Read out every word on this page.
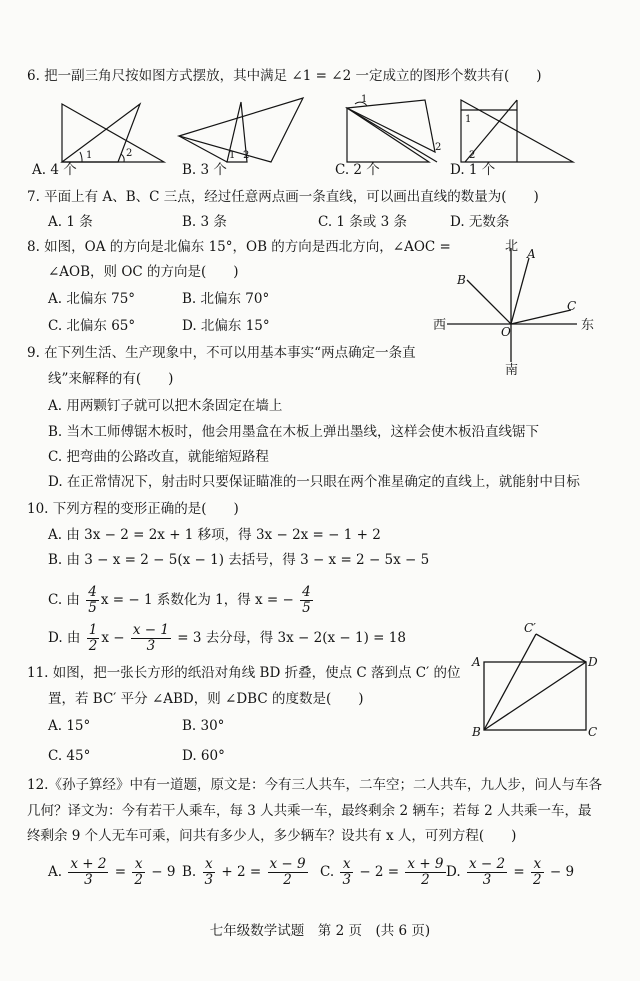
6. 把一副三角尺按如图方式摆放，其中满足 ∠1 = ∠2 一定成立的图形个数共有(　　)
1	2	1 2
1
2
1
2
A. 4 个	B. 3 个	C. 2 个	D. 1 个
7. 平面上有 A、B、C 三点，经过任意两点画一条直线，可以画出直线的数量为(　　)
A. 1 条	B. 3 条	C. 1 条或 3 条	D. 无数条
8. 如图，OA 的方向是北偏东 15°，OB 的方向是西北方向，∠AOC =
∠AOB，则 OC 的方向是(　　)
A. 北偏东 75°	B. 北偏东 70°
C. 北偏东 65°	D. 北偏东 15°
北
南
西	东
A
B
C
O
9. 在下列生活、生产现象中，不可以用基本事实“两点确定一条直
线”来解释的有(　　)
A. 用两颗钉子就可以把木条固定在墙上
B. 当木工师傅锯木板时，他会用墨盒在木板上弹出墨线，这样会使木板沿直线锯下
C. 把弯曲的公路改直，就能缩短路程
D. 在正常情况下，射击时只要保证瞄准的一只眼在两个准星确定的直线上，就能射中目标
10. 下列方程的变形正确的是(　　)
A. 由 3x − 2 = 2x + 1 移项，得 3x − 2x = − 1 + 2
B. 由 3 − x = 2 − 5(x − 1) 去括号，得 3 − x = 2 − 5x − 5
C. 由 $\frac{4}{5}$ x = − 1 系数化为 1，得 x = − $\frac{4}{5}$
D. 由 $\frac{1}{2}$ $x - \frac{x - 1}{3} = 3$ 去分母，得 3x − 2(x − 1) = 18
11. 如图，把一张长方形的纸沿对角线 BD 折叠，使点 C 落到点 C′ 的位
置，若 BC′ 平分 ∠ABD，则 ∠DBC 的度数是(　　)
A. 15°	B. 30°
C. 45°	D. 60°
A
B	C
D
C′
12.《孙子算经》中有一道题，原文是：今有三人共车，二车空；二人共车，九人步，问人与车各
几何？译文为：今有若干人乘车，每 3 人共乘一车，最终剩余 2 辆车；若每 2 人共乘一车，最
终剩余 9 个人无车可乘，问共有多少人，多少辆车？设共有 x 人，可列方程(　　)
A. $\frac{x + 2}{3} = \frac{x}{2} - 9$ B. $\frac{x}{3} + 2 = \frac{x - 9}{2} C$. $\frac{x}{3} - 2 = \frac{x + 9}{2} D$. $\frac{x - 2}{3} = \frac{x}{2} - 9$
七年级数学试题　第 2 页　(共 6 页)
